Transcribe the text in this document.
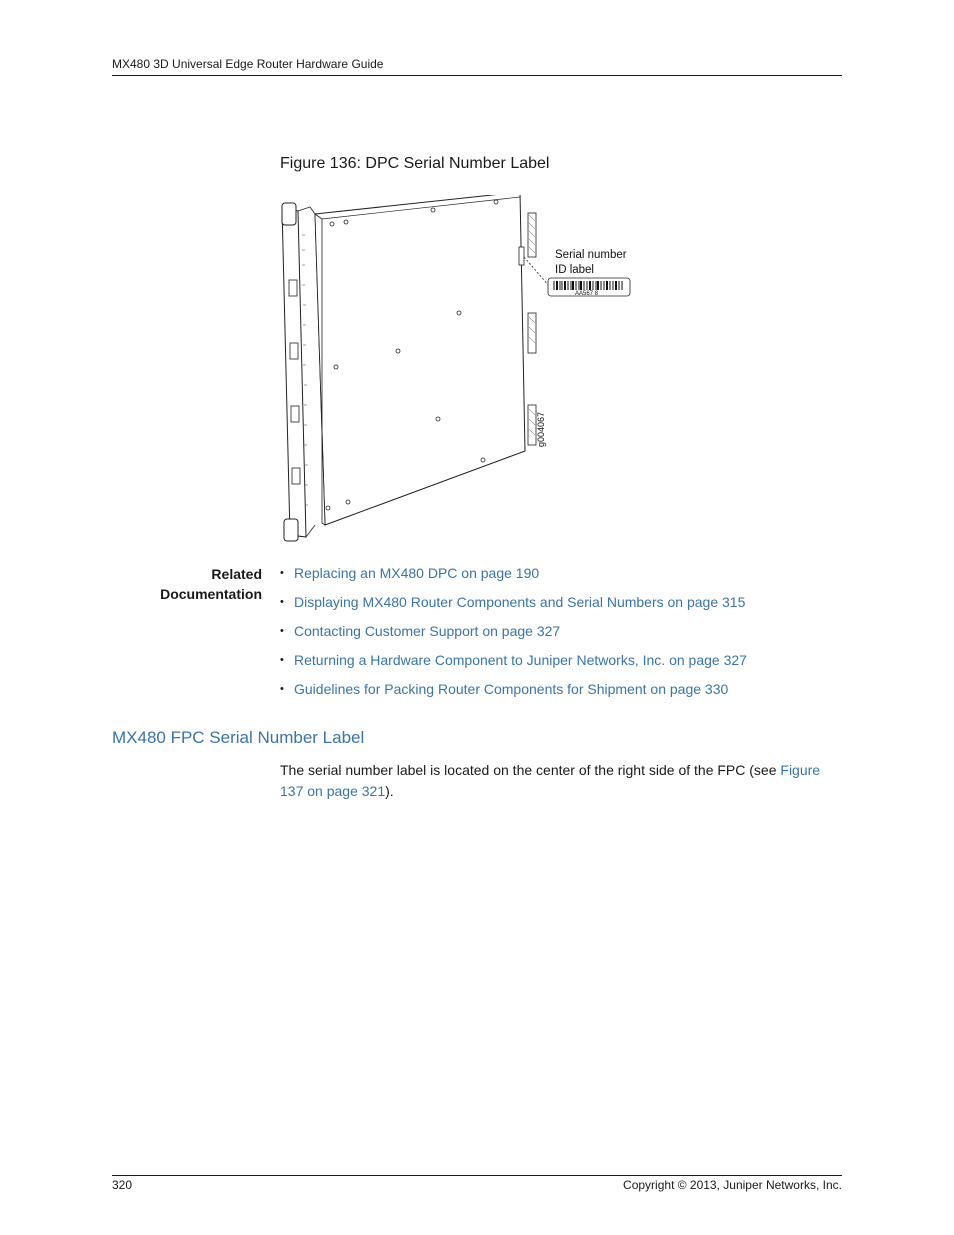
MX480 3D Universal Edge Router Hardware Guide
Figure 136: DPC Serial Number Label
AA567 8
Serial number
ID label
g004067
Related
Documentation
• Replacing an MX480 DPC on page 190
• Displaying MX480 Router Components and Serial Numbers on page 315
• Contacting Customer Support on page 327
• Returning a Hardware Component to Juniper Networks, Inc. on page 327
• Guidelines for Packing Router Components for Shipment on page 330
MX480 FPC Serial Number Label
The serial number label is located on the center of the right side of the FPC (see Figure 137 on page 321).
320	Copyright © 2013, Juniper Networks, Inc.
